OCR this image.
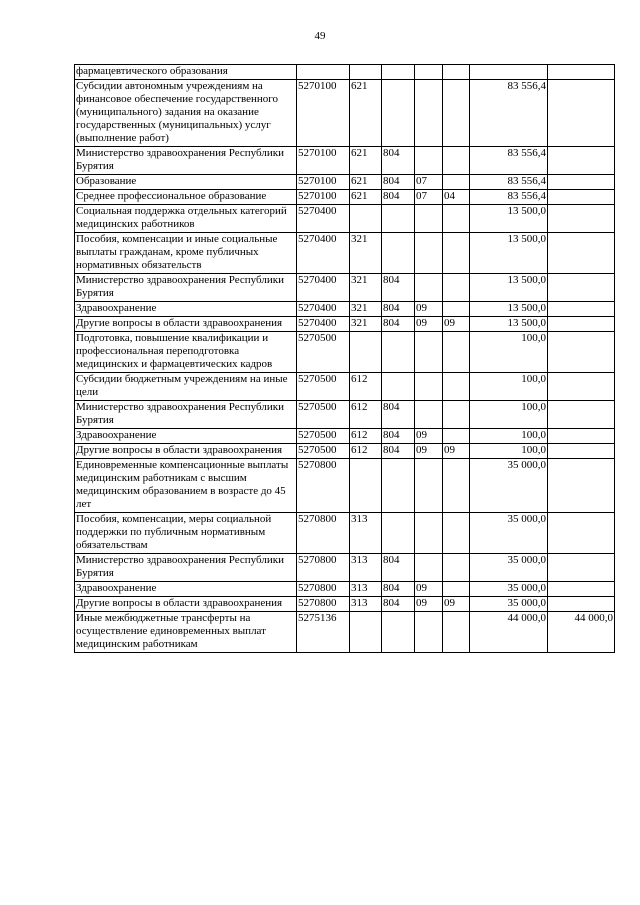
49
фармацевтического образования							
Субсидии автономным учреждениям на финансовое обеспечение государственного (муниципального) задания на оказание государственных (муниципальных) услуг (выполнение работ)	5270100	621				83 556,4	
Министерство здравоохранения Республики Бурятия	5270100	621	804			83 556,4	
Образование	5270100	621	804	07		83 556,4	
Среднее профессиональное образование	5270100	621	804	07	04	83 556,4	
Социальная поддержка отдельных категорий медицинских работников	5270400					13 500,0	
Пособия, компенсации и иные социальные выплаты гражданам, кроме публичных нормативных обязательств	5270400	321				13 500,0	
Министерство здравоохранения Республики Бурятия	5270400	321	804			13 500,0	
Здравоохранение	5270400	321	804	09		13 500,0	
Другие вопросы в области здравоохранения	5270400	321	804	09	09	13 500,0	
Подготовка, повышение квалификации и профессиональная переподготовка медицинских и фармацевтических кадров	5270500					100,0	
Субсидии бюджетным учреждениям на иные цели	5270500	612				100,0	
Министерство здравоохранения Республики Бурятия	5270500	612	804			100,0	
Здравоохранение	5270500	612	804	09		100,0	
Другие вопросы в области здравоохранения	5270500	612	804	09	09	100,0	
Единовременные компенсационные выплаты медицинским работникам с высшим медицинским образованием в возрасте до 45 лет	5270800					35 000,0	
Пособия, компенсации, меры социальной поддержки по публичным нормативным обязательствам	5270800	313				35 000,0	
Министерство здравоохранения Республики Бурятия	5270800	313	804			35 000,0	
Здравоохранение	5270800	313	804	09		35 000,0	
Другие вопросы в области здравоохранения	5270800	313	804	09	09	35 000,0	
Иные межбюджетные трансферты на осуществление единовременных выплат медицинским работникам	5275136					44 000,0	44 000,0
